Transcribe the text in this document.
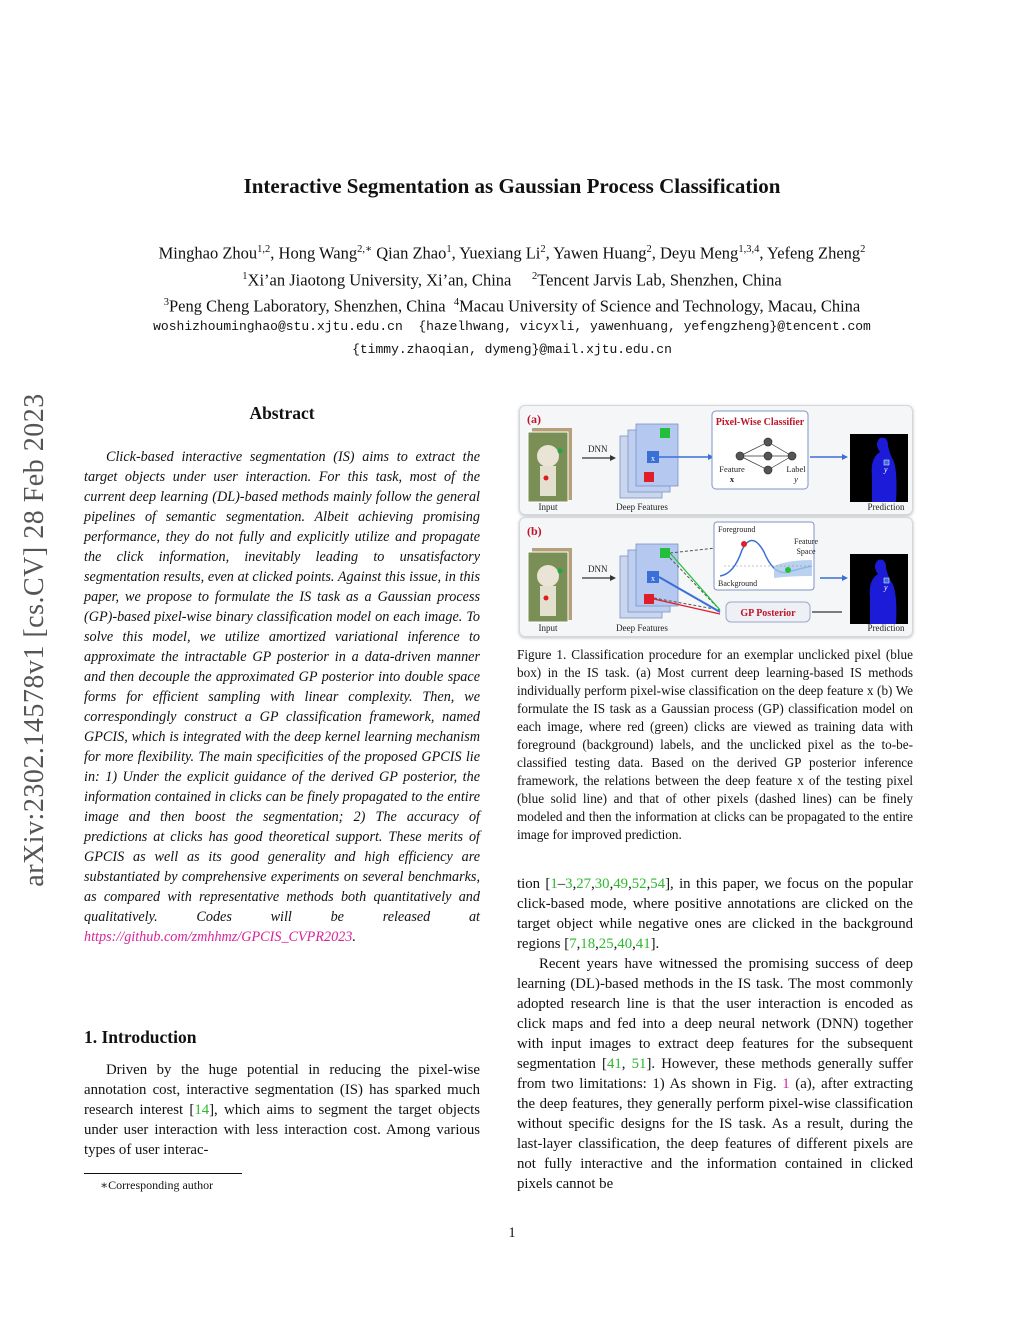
arXiv:2302.14578v1 [cs.CV] 28 Feb 2023
Interactive Segmentation as Gaussian Process Classification
Minghao Zhou$^{1,2}$, Hong Wang$^{2,∗}$ Qian Zhao$^1$, Yuexiang Li$^2$, Yawen Huang$^2$, Deyu Meng$^{1,3,4}$, Yefeng Zheng$^2$
$^1$Xi’an Jiaotong University, Xi’an, China $^2$Tencent Jarvis Lab, Shenzhen, China
$^3$Peng Cheng Laboratory, Shenzhen, China $^4$Macau University of Science and Technology, Macau, China
woshizhouminghao@stu.xjtu.edu.cn {hazelhwang, vicyxli, yawenhuang, yefengzheng}@tencent.com
{timmy.zhaoqian, dymeng}@mail.xjtu.edu.cn
Abstract
Click-based interactive segmentation (IS) aims to extract the target objects under user interaction. For this task, most of the current deep learning (DL)-based methods mainly follow the general pipelines of semantic segmentation. Albeit achieving promising performance, they do not fully and explicitly utilize and propagate the click information, inevitably leading to unsatisfactory segmentation results, even at clicked points. Against this issue, in this paper, we propose to formulate the IS task as a Gaussian process (GP)-based pixel-wise binary classification model on each image. To solve this model, we utilize amortized variational inference to approximate the intractable GP posterior in a data-driven manner and then decouple the approximated GP posterior into double space forms for efficient sampling with linear complexity. Then, we correspondingly construct a GP classification framework, named GPCIS, which is integrated with the deep kernel learning mechanism for more flexibility. The main specificities of the proposed GPCIS lie in: 1) Under the explicit guidance of the derived GP posterior, the information contained in clicks can be finely propagated to the entire image and then boost the segmentation; 2) The accuracy of predictions at clicks has good theoretical support. These merits of GPCIS as well as its good generality and high efficiency are substantiated by comprehensive experiments on several benchmarks, as compared with representative methods both quantitatively and qualitatively. Codes will be released at https://github.com/zmhhmz/GPCIS_CVPR2023.
1. Introduction
Driven by the huge potential in reducing the pixel-wise annotation cost, interactive segmentation (IS) has sparked much research interest [14], which aims to segment the target objects under user interaction with less interaction cost. Among various types of user interac-
∗Corresponding author
(a)
Input
DNN
x
Deep Features
Pixel-Wise Classifier
Feature
x
Label
y
y
Prediction
(b)
Input
DNN
x
Deep Features
Foreground
Background
Feature
Space
GP Posterior
y
Prediction
Figure 1. Classification procedure for an exemplar unclicked pixel (blue box) in the IS task. (a) Most current deep learning-based IS methods individually perform pixel-wise classification on the deep feature x (b) We formulate the IS task as a Gaussian process (GP) classification model on each image, where red (green) clicks are viewed as training data with foreground (background) labels, and the unclicked pixel as the to-be-classified testing data. Based on the derived GP posterior inference framework, the relations between the deep feature x of the testing pixel (blue solid line) and that of other pixels (dashed lines) can be finely modeled and then the information at clicks can be propagated to the entire image for improved prediction.

tion [1–3,27,30,49,52,54], in this paper, we focus on the popular click-based mode, where positive annotations are clicked on the target object while negative ones are clicked in the background regions [7,18,25,40,41].

Recent years have witnessed the promising success of deep learning (DL)-based methods in the IS task. The most commonly adopted research line is that the user interaction is encoded as click maps and fed into a deep neural network (DNN) together with input images to extract deep features for the subsequent segmentation [41, 51]. However, these methods generally suffer from two limitations: 1) As shown in Fig. 1 (a), after extracting the deep features, they generally perform pixel-wise classification without specific designs for the IS task. As a result, during the last-layer classification, the deep features of different pixels are not fully interactive and the information contained in clicked pixels cannot be

1
